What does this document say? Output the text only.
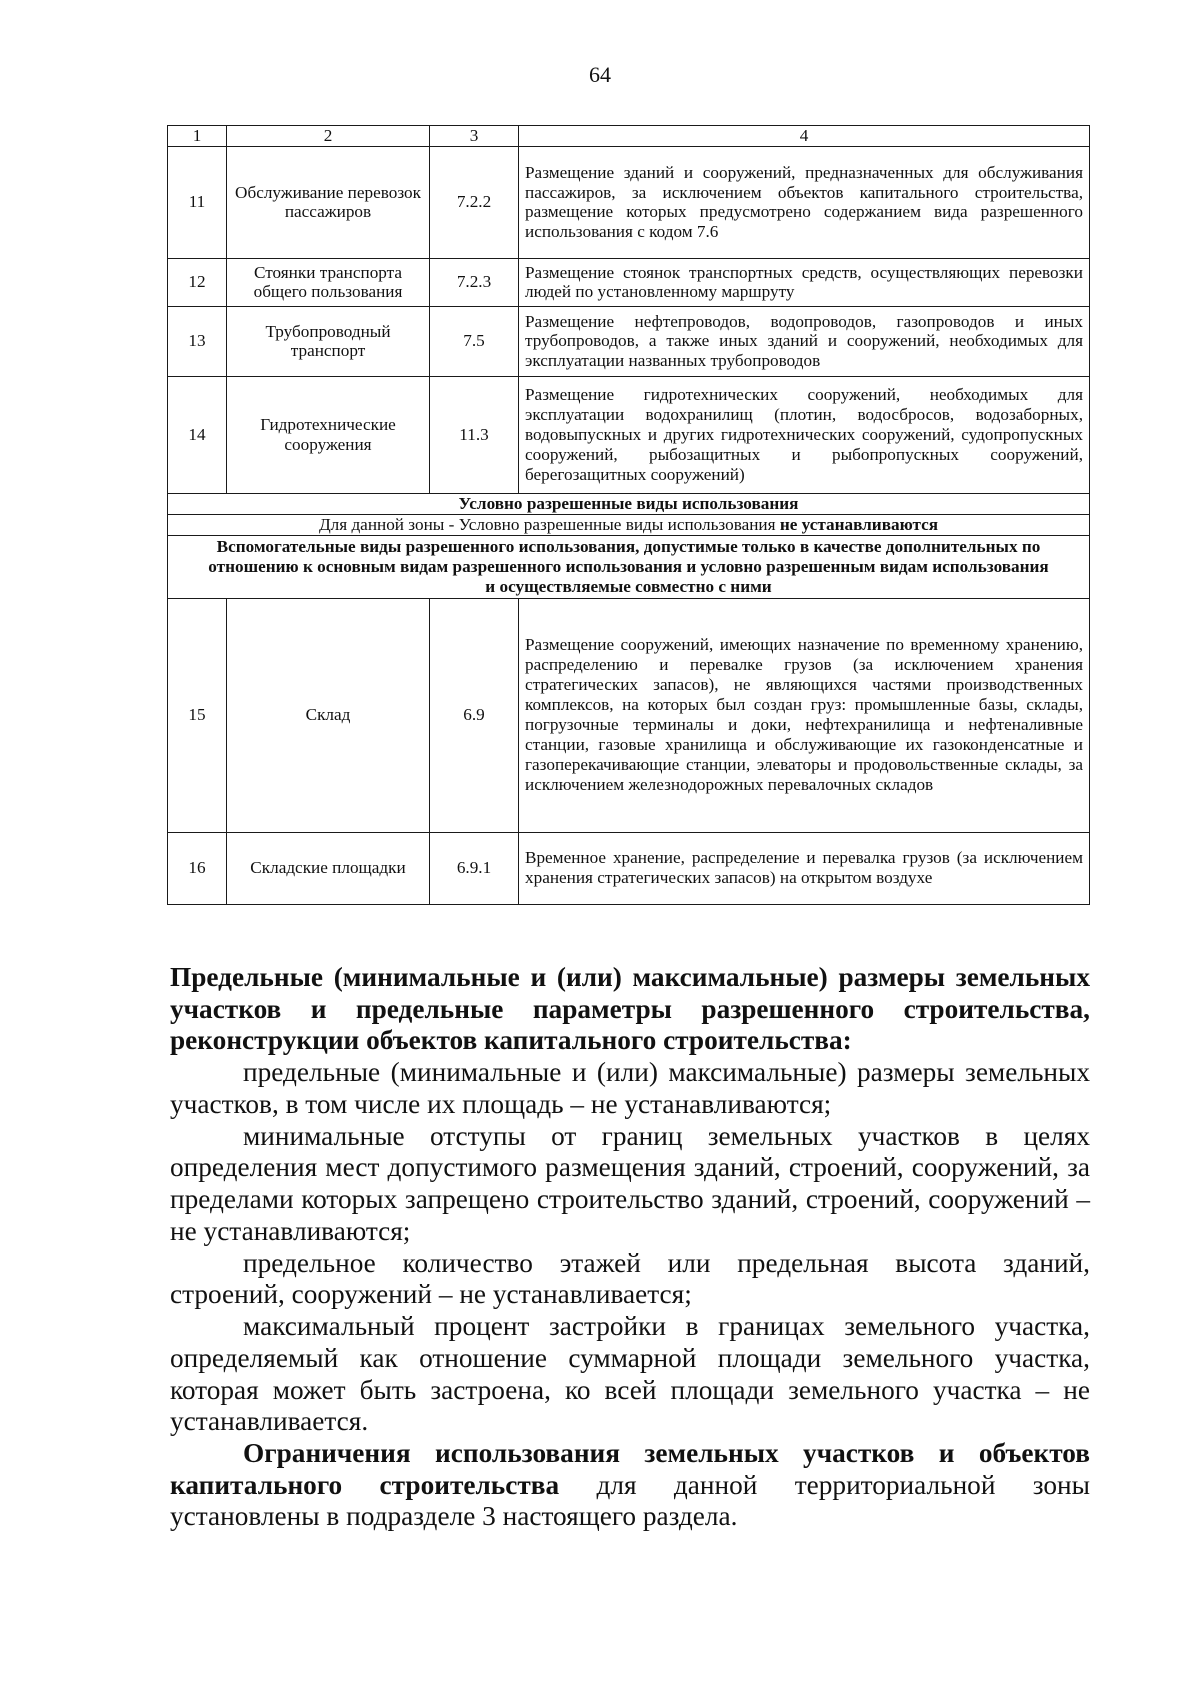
64
1	2	3	4
11	Обслуживание перевозок пассажиров	7.2.2	Размещение зданий и сооружений, предназначенных для обслуживания пассажиров, за исключением объектов капитального строительства, размещение которых предусмотрено содержанием вида разрешенного использования с кодом 7.6
12	Стоянки транспорта общего пользования	7.2.3	Размещение стоянок транспортных средств, осуществляющих перевозки людей по установленному маршруту
13	Трубопроводный транспорт	7.5	Размещение нефтепроводов, водопроводов, газопроводов и иных трубопроводов, а также иных зданий и сооружений, необходимых для эксплуатации названных трубопроводов
14	Гидротехнические сооружения	11.3	Размещение гидротехнических сооружений, необходимых для эксплуатации водохранилищ (плотин, водосбросов, водозаборных, водовыпускных и других гидротехнических сооружений, судопропускных сооружений, рыбозащитных и рыбопропускных сооружений, берегозащитных сооружений)
Условно разрешенные виды использования			
Для данной зоны - Условно разрешенные виды использования не устанавливаются			
Вспомогательные виды разрешенного использования, допустимые только в качестве дополнительных по отношению к основным видам разрешенного использования и условно разрешенным видам использования и осуществляемые совместно с ними			
15	Склад	6.9	Размещение сооружений, имеющих назначение по временному хранению, распределению и перевалке грузов (за исключением хранения стратегических запасов), не являющихся частями производственных комплексов, на которых был создан груз: промышленные базы, склады, погрузочные терминалы и доки, нефтехранилища и нефтеналивные станции, газовые хранилища и обслуживающие их газоконденсатные и газоперекачивающие станции, элеваторы и продовольственные склады, за исключением железнодорожных перевалочных складов
16	Складские площадки	6.9.1	Временное хранение, распределение и перевалка грузов (за исключением хранения стратегических запасов) на открытом воздухе

Предельные (минимальные и (или) максимальные) размеры земельных участков и предельные параметры разрешенного строительства, реконструкции объектов капитального строительства:

предельные (минимальные и (или) максимальные) размеры земельных участков, в том числе их площадь – не устанавливаются;

минимальные отступы от границ земельных участков в целях определения мест допустимого размещения зданий, строений, сооружений, за пределами которых запрещено строительство зданий, строений, сооружений – не устанавливаются;

предельное количество этажей или предельная высота зданий, строений, сооружений – не устанавливается;

максимальный процент застройки в границах земельного участка, определяемый как отношение суммарной площади земельного участка, которая может быть застроена, ко всей площади земельного участка – не устанавливается.

Ограничения использования земельных участков и объектов капитального строительства для данной территориальной зоны установлены в подразделе 3 настоящего раздела.
